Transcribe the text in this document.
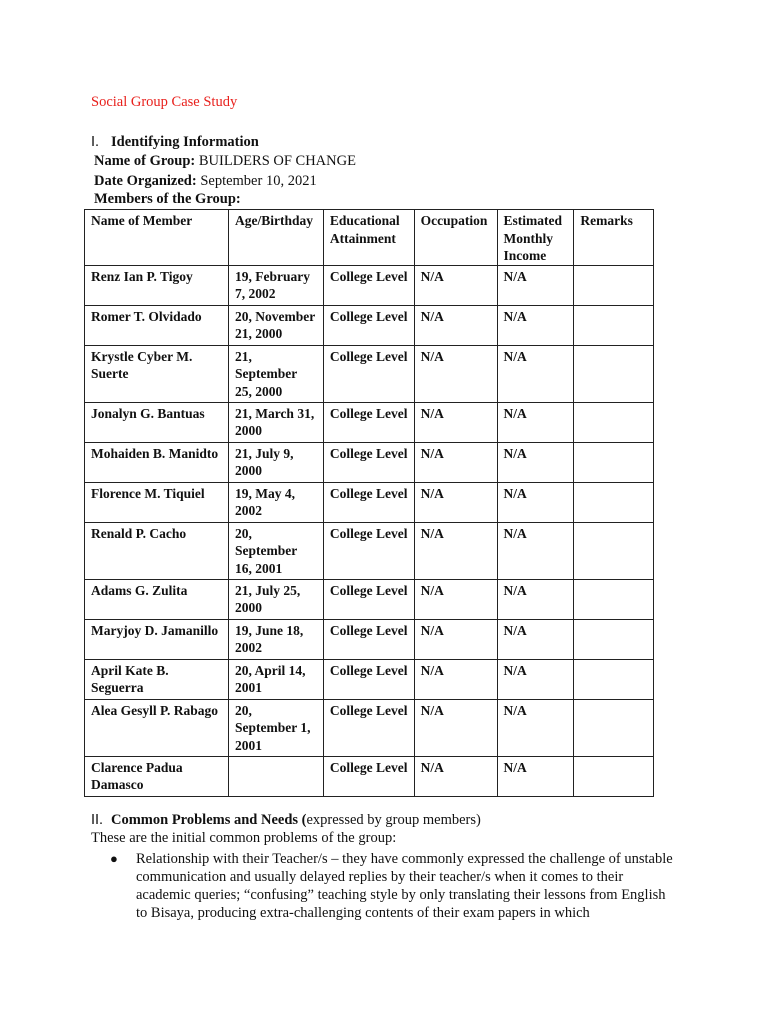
Social Group Case Study
I. Identifying Information
Name of Group: BUILDERS OF CHANGE
Date Organized: September 10, 2021
Members of the Group:
Name of Member	Age/Birthday	Educational Attainment	Occupation	Estimated Monthly Income	Remarks
Renz Ian P. Tigoy	19, February 7, 2002	College Level	N/A	N/A	
Romer T. Olvidado	20, November 21, 2000	College Level	N/A	N/A	
Krystle Cyber M. Suerte	21, September 25, 2000	College Level	N/A	N/A	
Jonalyn G. Bantuas	21, March 31, 2000	College Level	N/A	N/A	
Mohaiden B. Manidto	21, July 9, 2000	College Level	N/A	N/A	
Florence M. Tiquiel	19, May 4, 2002	College Level	N/A	N/A	
Renald P. Cacho	20, September 16, 2001	College Level	N/A	N/A	
Adams G. Zulita	21, July 25, 2000	College Level	N/A	N/A	
Maryjoy D. Jamanillo	19, June 18, 2002	College Level	N/A	N/A	
April Kate B. Seguerra	20, April 14, 2001	College Level	N/A	N/A	
Alea Gesyll P. Rabago	20, September 1, 2001	College Level	N/A	N/A	
Clarence Padua Damasco		College Level	N/A	N/A	
II. Common Problems and Needs (expressed by group members)
These are the initial common problems of the group:
● Relationship with their Teacher/s – they have commonly expressed the challenge of unstable communication and usually delayed replies by their teacher/s when it comes to their academic queries; “confusing” teaching style by only translating their lessons from English to Bisaya, producing extra-challenging contents of their exam papers in which
